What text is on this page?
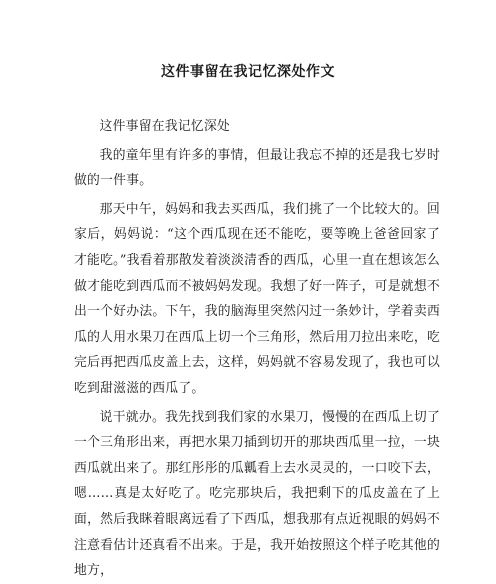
这件事留在我记忆深处作文

这件事留在我记忆深处

我的童年里有许多的事情，但最让我忘不掉的还是我七岁时做的一件事。

那天中午，妈妈和我去买西瓜，我们挑了一个比较大的。回家后，妈妈说：“这个西瓜现在还不能吃，要等晚上爸爸回家了才能吃。”我看着那散发着淡淡清香的西瓜，心里一直在想该怎么做才能吃到西瓜而不被妈妈发现。我想了好一阵子，可是就想不出一个好办法。下午，我的脑海里突然闪过一条妙计，学着卖西瓜的人用水果刀在西瓜上切一个三角形，然后用刀拉出来吃，吃完后再把西瓜皮盖上去，这样，妈妈就不容易发现了，我也可以吃到甜滋滋的西瓜了。

说干就办。我先找到我们家的水果刀，慢慢的在西瓜上切了一个三角形出来，再把水果刀插到切开的那块西瓜里一拉，一块西瓜就出来了。那红彤彤的瓜瓤看上去水灵灵的，一口咬下去，嗯……真是太好吃了。吃完那块后，我把剩下的瓜皮盖在了上面，然后我眯着眼离远看了下西瓜，想我那有点近视眼的妈妈不注意看估计还真看不出来。于是，我开始按照这个样子吃其他的地方，
